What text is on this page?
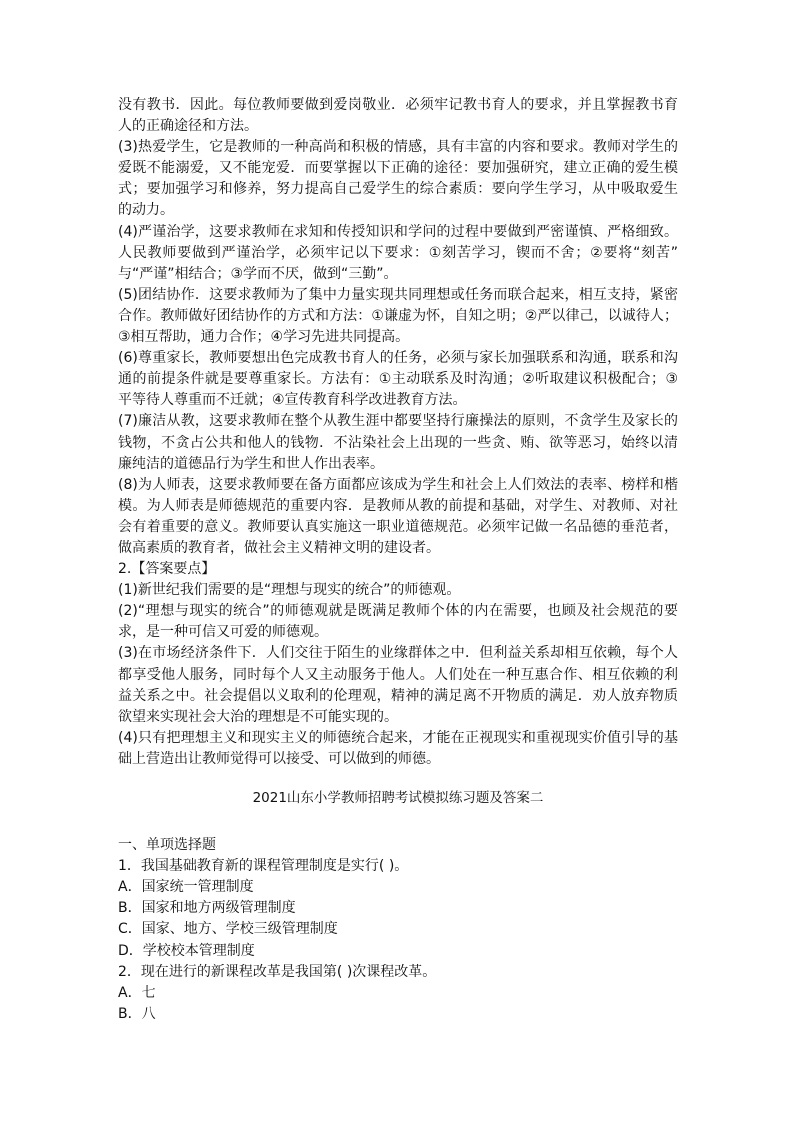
没有教书．因此。每位教师要做到爱岗敬业．必须牢记教书育人的要求，并且掌握教书育
人的正确途径和方法。
(3)热爱学生，它是教师的一种高尚和积极的情感，具有丰富的内容和要求。教师对学生的
爱既不能溺爱，又不能宠爱．而要掌握以下正确的途径：要加强研究，建立正确的爱生模
式；要加强学习和修养，努力提高自己爱学生的综合素质：要向学生学习，从中吸取爱生
的动力。
(4)严谨治学，这要求教师在求知和传授知识和学问的过程中要做到严密谨慎、严格细致。
人民教师要做到严谨治学，必须牢记以下要求：①刻苦学习，锲而不舍；②要将“刻苦”
与“严谨”相结合；③学而不厌，做到“三勤”。
(5)团结协作．这要求教师为了集中力量实现共同理想或任务而联合起来，相互支持，紧密
合作。教师做好团结协作的方式和方法：①谦虚为怀，自知之明；②严以律己，以诚待人；
③相互帮助，通力合作；④学习先进共同提高。
(6)尊重家长，教师要想出色完成教书育人的任务，必须与家长加强联系和沟通，联系和沟
通的前提条件就是要尊重家长。方法有：①主动联系及时沟通；②听取建议积极配合；③
平等待人尊重而不迁就；④宣传教育科学改进教育方法。
(7)廉洁从教，这要求教师在整个从教生涯中都要坚持行廉操法的原则，不贪学生及家长的
钱物，不贪占公共和他人的钱物．不沾染社会上出现的一些贪、贿、欲等恶习，始终以清
廉纯洁的道德品行为学生和世人作出表率。
(8)为人师表，这要求教师要在备方面都应该成为学生和社会上人们效法的表率、榜样和楷
模。为人师表是师德规范的重要内容．是教师从教的前提和基础，对学生、对教师、对社
会有着重要的意义。教师要认真实施这一职业道德规范。必须牢记做一名品德的垂范者，
做高素质的教育者，做社会主义精神文明的建设者。
2.【答案要点】
(1)新世纪我们需要的是“理想与现实的统合”的师德观。
(2)“理想与现实的统合”的师德观就是既满足教师个体的内在需要，也顾及社会规范的要
求，是一种可信又可爱的师德观。
(3)在市场经济条件下．人们交往于陌生的业缘群体之中．但利益关系却相互依赖，每个人
都享受他人服务，同时每个人又主动服务于他人。人们处在一种互惠合作、相互依赖的利
益关系之中。社会提倡以义取利的伦理观，精神的满足离不开物质的满足．劝人放弃物质
欲望来实现社会大治的理想是不可能实现的。
(4)只有把理想主义和现实主义的师德统合起来，才能在正视现实和重视现实价值引导的基
础上营造出让教师觉得可以接受、可以做到的师德。
2021山东小学教师招聘考试模拟练习题及答案二
一、单项选择题
1．我国基础教育新的课程管理制度是实行( )。
A．国家统一管理制度
B．国家和地方两级管理制度
C．国家、地方、学校三级管理制度
D．学校校本管理制度
2．现在进行的新课程改革是我国第( )次课程改革。
A．七
B．八
